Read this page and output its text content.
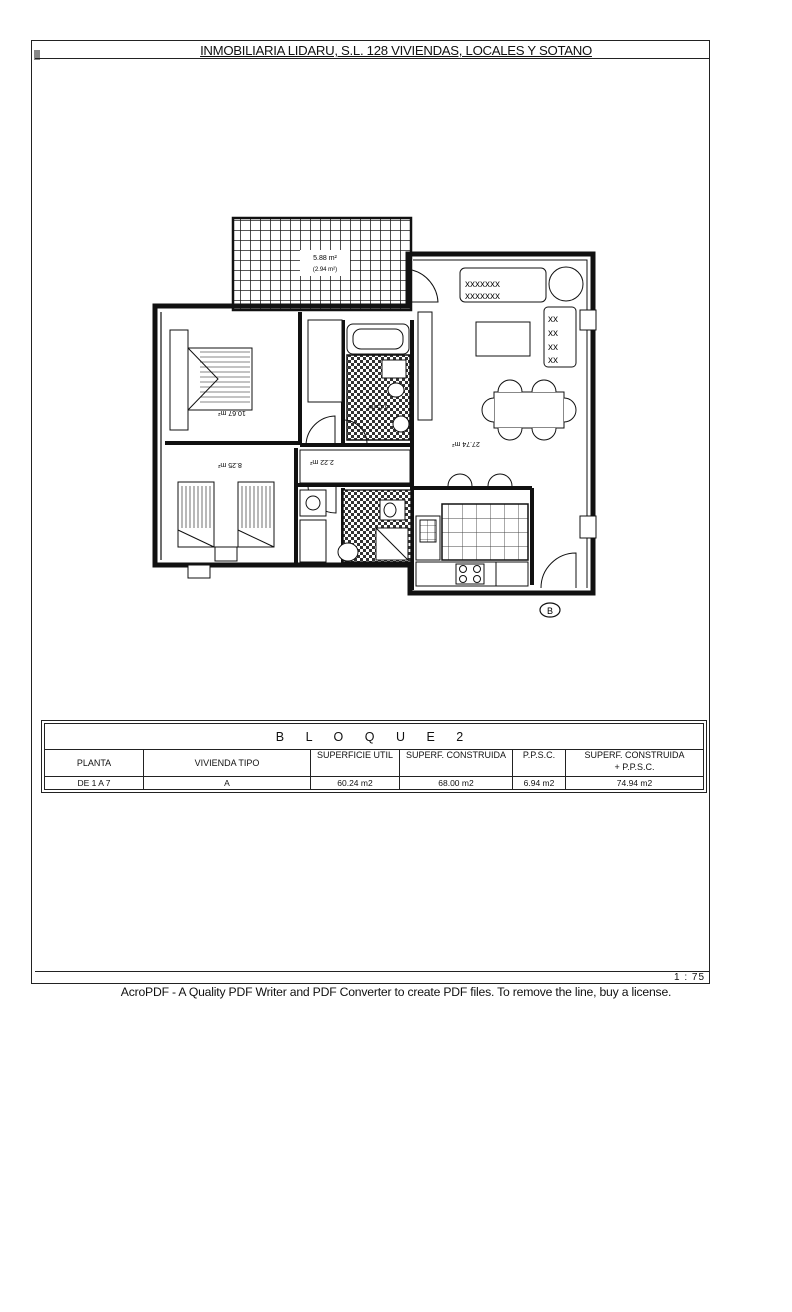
INMOBILIARIA LIDARU, S.L. 128 VIVIENDAS, LOCALES Y SOTANO
5.88 m²
(2.94 m²)
10.67 m²
3.15 m²
2.22 m²
8.25 m²
xxxxxxx
xxxxxxx
xx
xx
xx
xx
27.74 m²
B
B L O Q U E 2					
PLANTA	VIVIENDA TIPO	SUPERFICIE UTIL	SUPERF. CONSTRUIDA	P.P.S.C.	SUPERF. CONSTRUIDA
+ P.P.S.C.

DE 1 A 7	A	60.24 m2	68.00 m2	6.94 m2	74.94 m2
1 : 75
AcroPDF - A Quality PDF Writer and PDF Converter to create PDF files. To remove the line, buy a license.
